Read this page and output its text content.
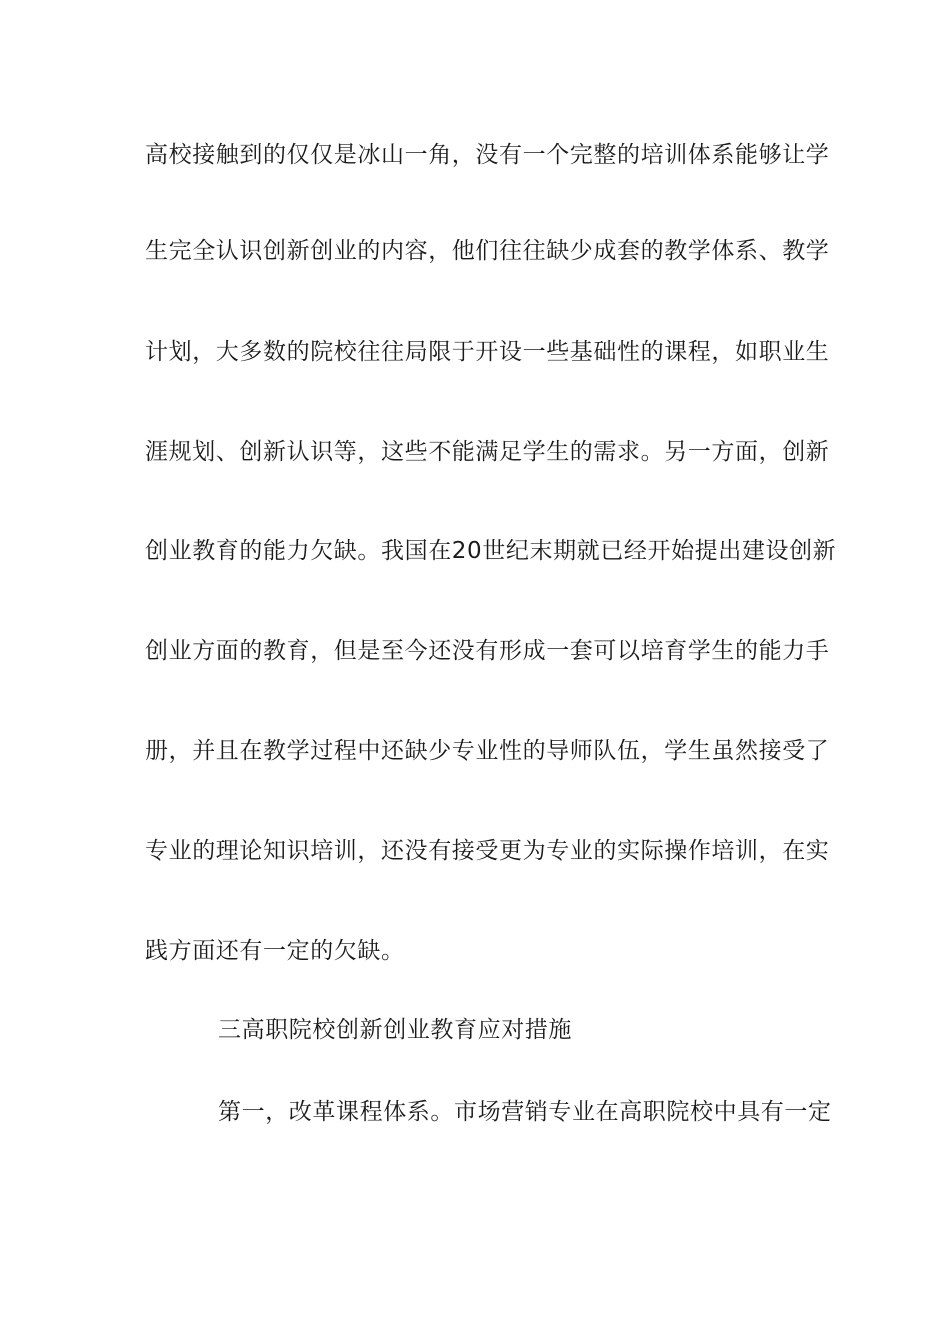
高校接触到的仅仅是冰山一角，没有一个完整的培训体系能够让学
生完全认识创新创业的内容，他们往往缺少成套的教学体系、教学
计划，大多数的院校往往局限于开设一些基础性的课程，如职业生
涯规划、创新认识等，这些不能满足学生的需求。另一方面，创新
创业教育的能力欠缺。我国在20世纪末期就已经开始提出建设创新
创业方面的教育，但是至今还没有形成一套可以培育学生的能力手
册，并且在教学过程中还缺少专业性的导师队伍，学生虽然接受了
专业的理论知识培训，还没有接受更为专业的实际操作培训，在实
践方面还有一定的欠缺。
三高职院校创新创业教育应对措施
第一，改革课程体系。市场营销专业在高职院校中具有一定
